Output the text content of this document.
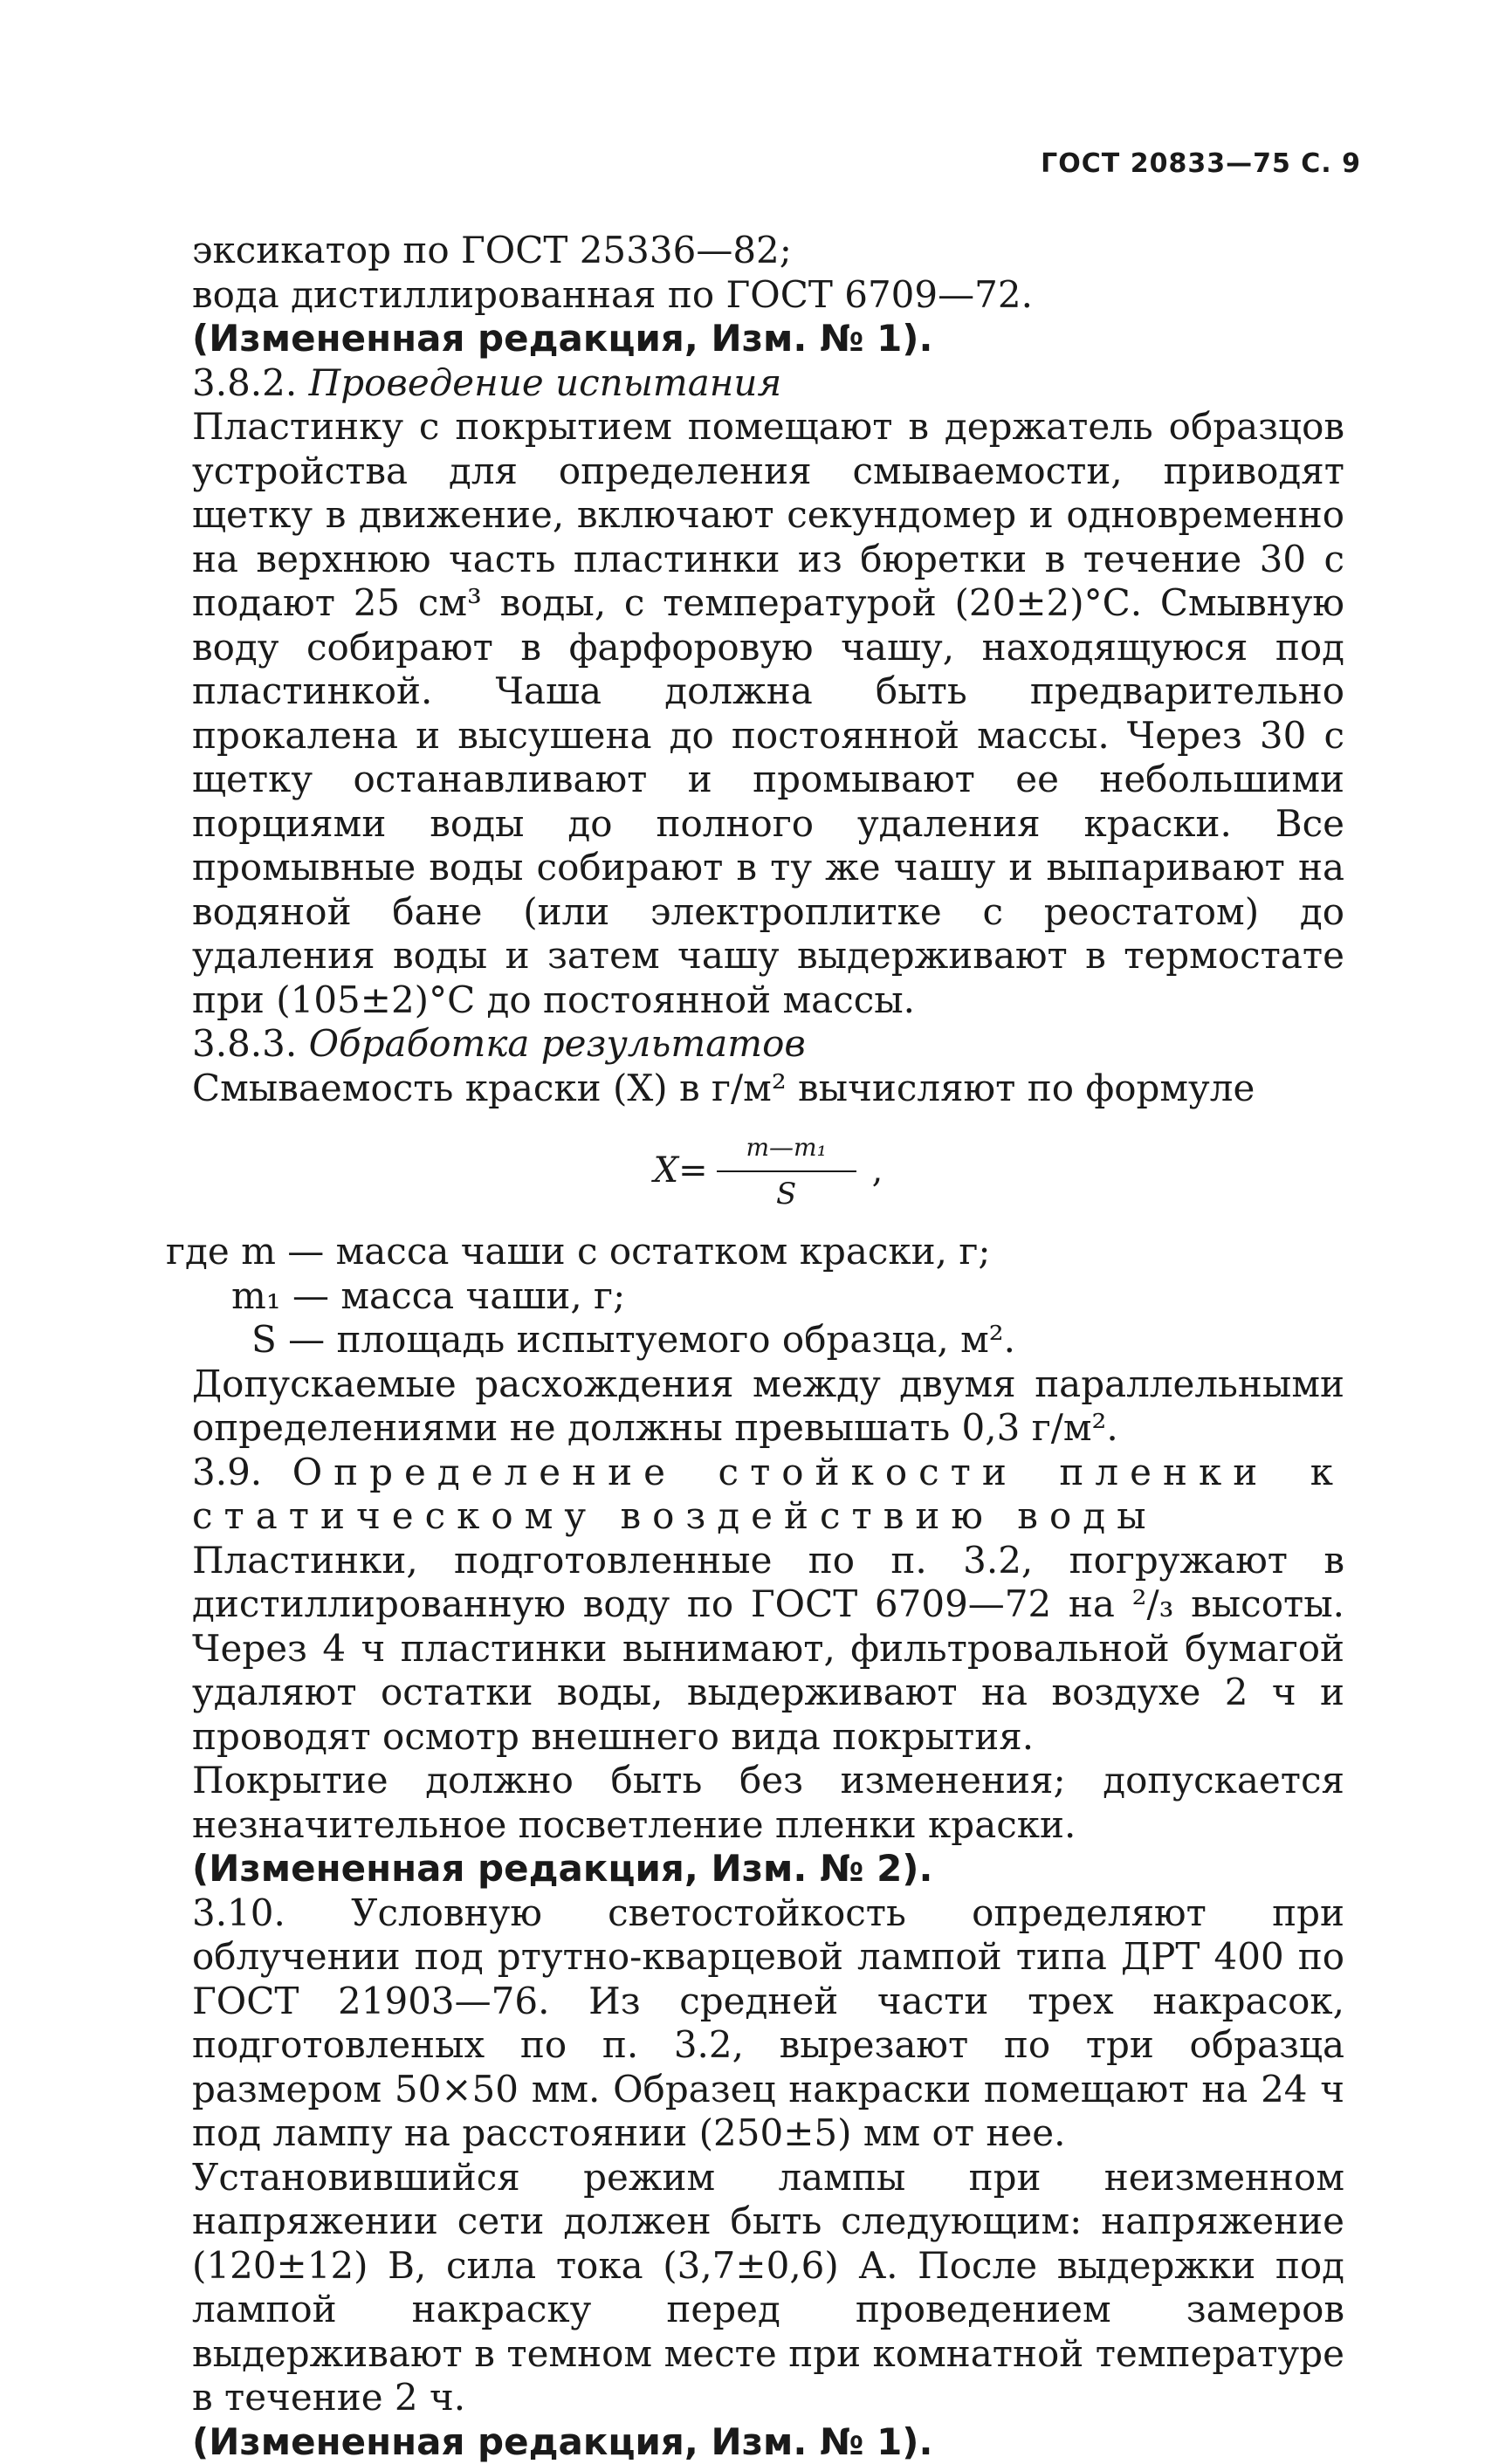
ГОСТ 20833—75 С. 9

эксикатор по ГОСТ 25336—82;

вода дистиллированная по ГОСТ 6709—72.

(Измененная редакция, Изм. № 1).

3.8.2. Проведение испытания

Пластинку с покрытием помещают в держатель образцов устройства для определения смываемости, приводят щетку в движение, включают секундомер и одновременно на верхнюю часть пластинки из бюретки в течение 30 с подают 25 см³ воды, с температурой (20±2)°С. Смывную воду собирают в фарфоровую чашу, находящуюся под пластинкой. Чаша должна быть предварительно прокалена и высушена до постоянной массы. Через 30 с щетку останавливают и промывают ее небольшими порциями воды до полного удаления краски. Все промывные воды собирают в ту же чашу и выпаривают на водяной бане (или электроплитке с реостатом) до удаления воды и затем чашу выдерживают в термостате при (105±2)°С до постоянной массы.

3.8.3. Обработка результатов

Смываемость краски (X) в г/м² вычисляют по формуле

$X= \frac{\text{m—m₁}}{S}$ ,
где m — масса чаши с остатком краски, г;
m₁ — масса чаши, г;
S — площадь испытуемого образца, м².

Допускаемые расхождения между двумя параллельными определениями не должны превышать 0,3 г/м².

3.9. Определение стойкости пленки к статическому воздействию воды

Пластинки, подготовленные по п. 3.2, погружают в дистиллированную воду по ГОСТ 6709—72 на ²/₃ высоты. Через 4 ч пластинки вынимают, фильтровальной бумагой удаляют остатки воды, выдерживают на воздухе 2 ч и проводят осмотр внешнего вида покрытия.

Покрытие должно быть без изменения; допускается незначительное посветление пленки краски.

(Измененная редакция, Изм. № 2).

3.10. Условную светостойкость определяют при облучении под ртутно-кварцевой лампой типа ДРТ 400 по ГОСТ 21903—76. Из средней части трех накрасок, подготовленых по п. 3.2, вырезают по три образца размером 50×50 мм. Образец накраски помещают на 24 ч под лампу на расстоянии (250±5) мм от нее.

Установившийся режим лампы при неизменном напряжении сети должен быть следующим: напряжение (120±12) В, сила тока (3,7±0,6) А. После выдержки под лампой накраску перед проведением замеров выдерживают в темном месте при комнатной температуре в течение 2 ч.

(Измененная редакция, Изм. № 1).
